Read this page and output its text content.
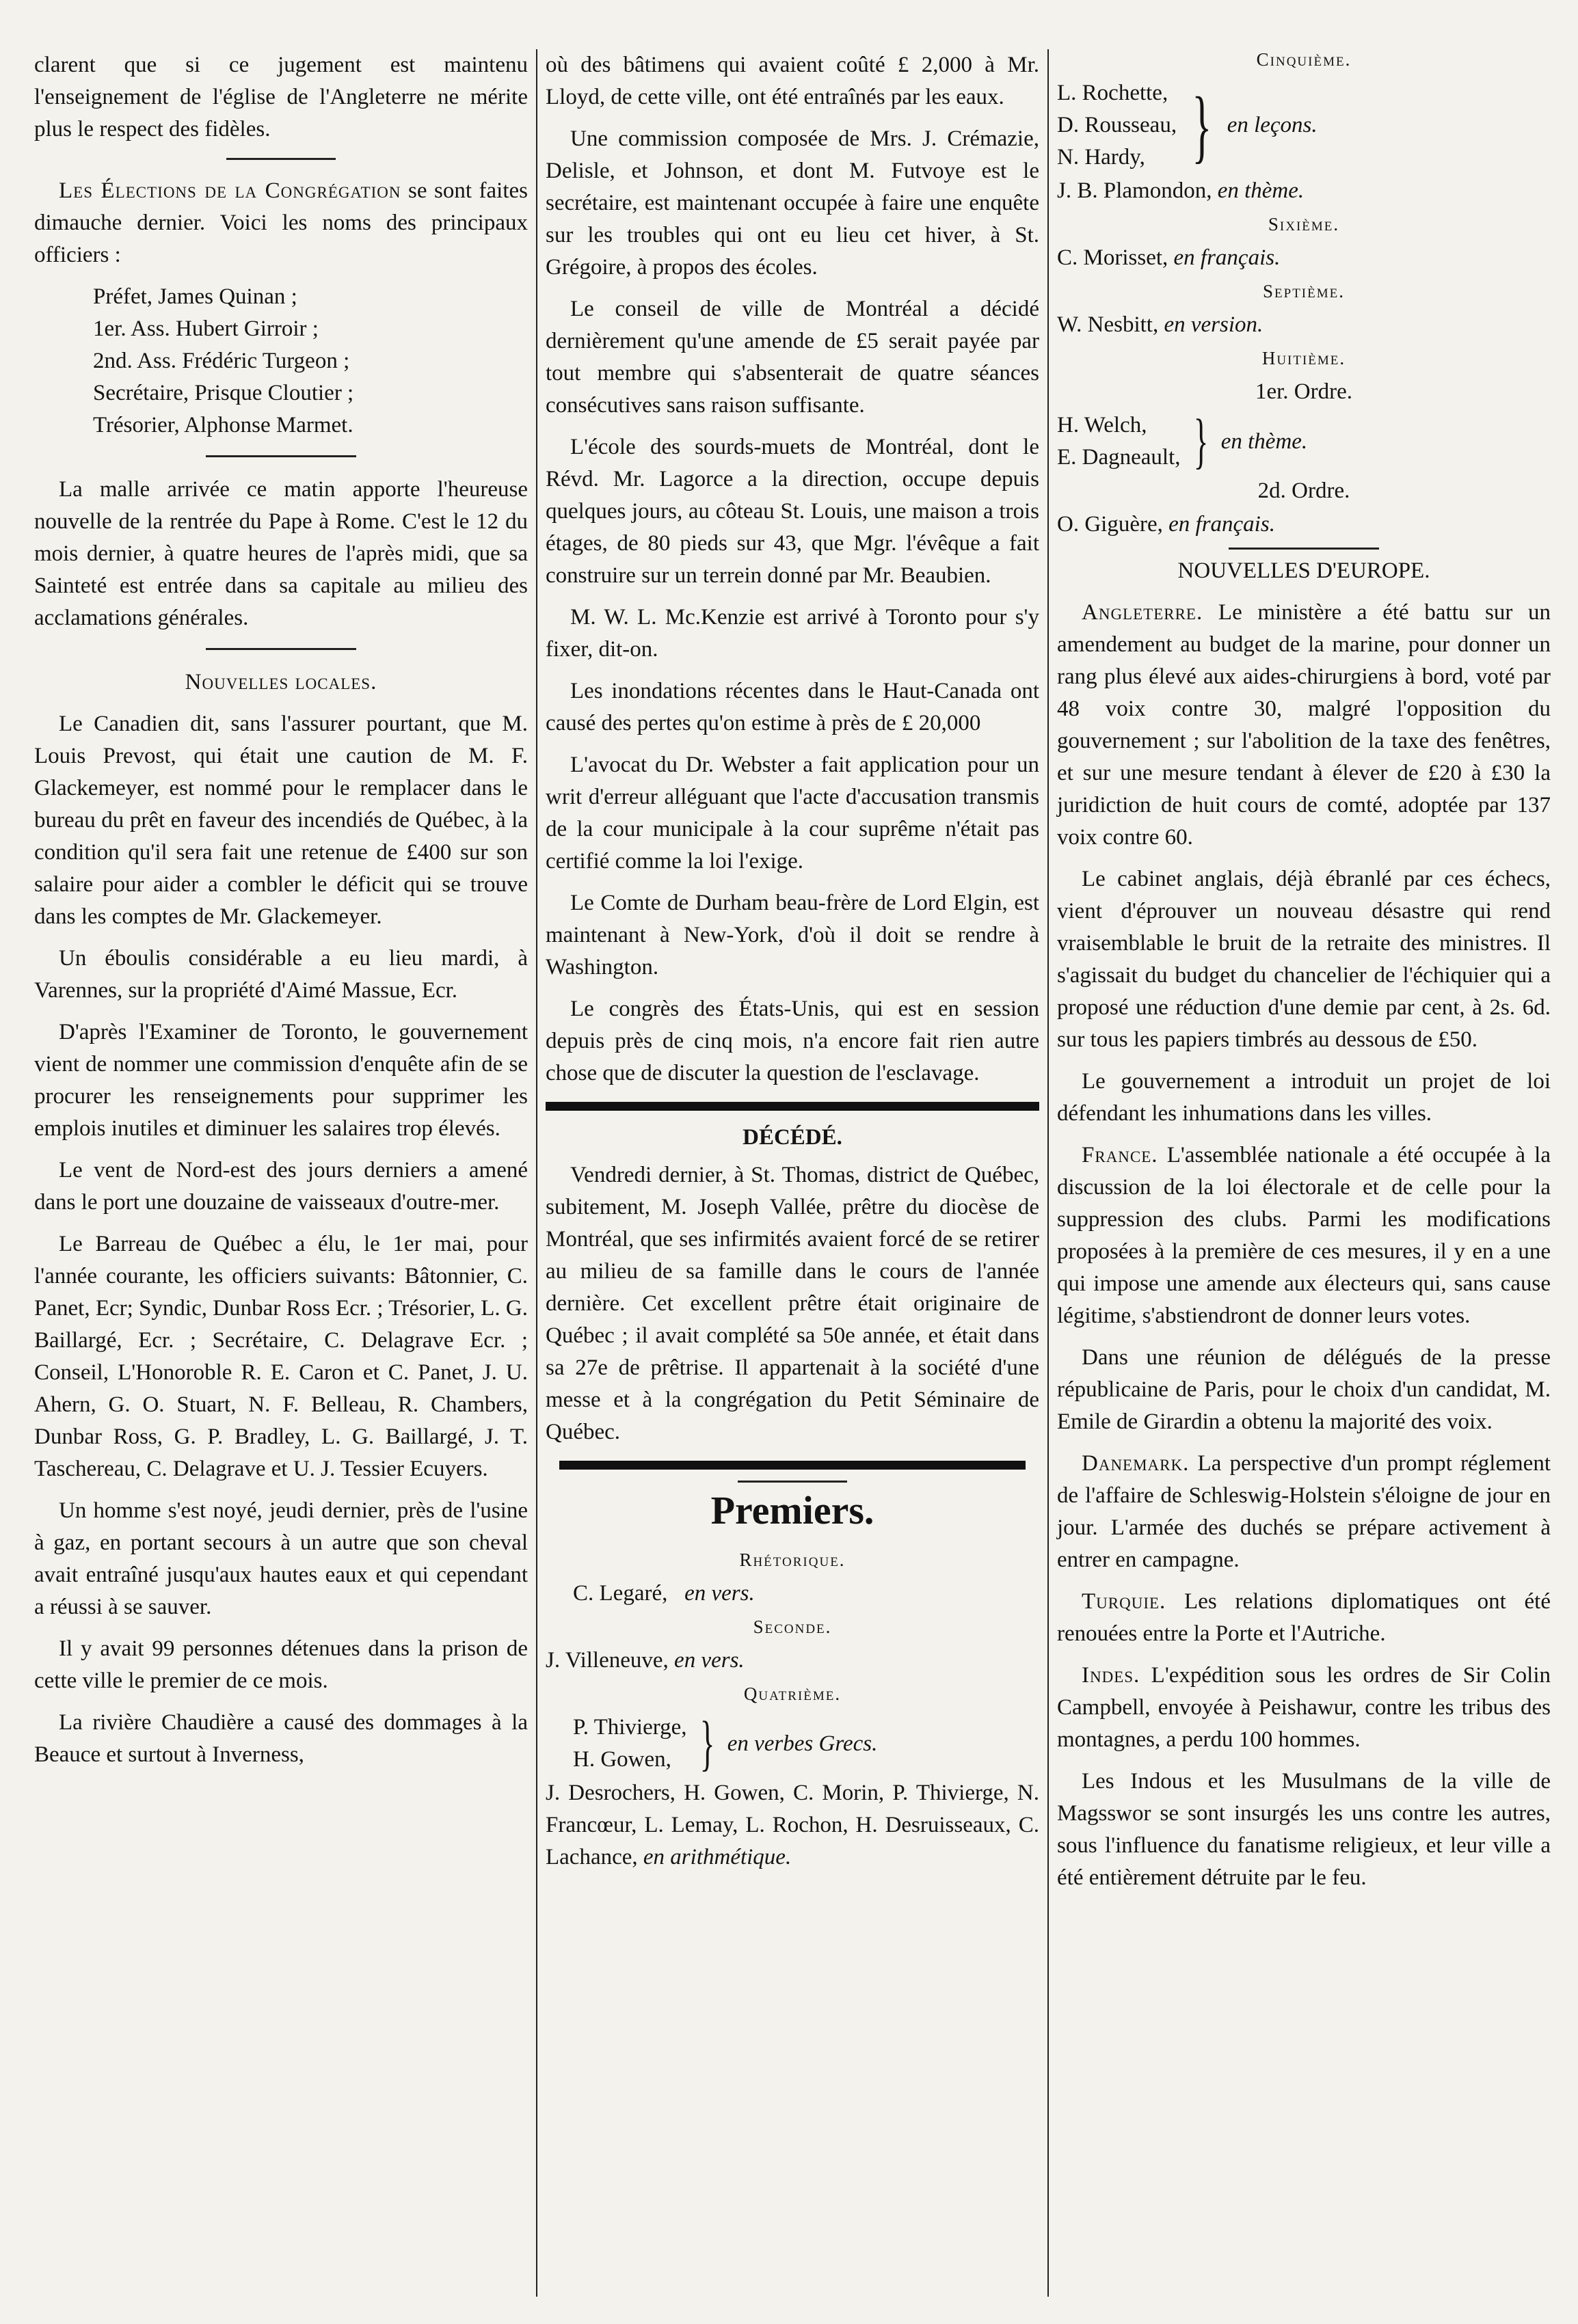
clarent que si ce jugement est maintenu l'enseignement de l'église de l'Angleterre ne mérite plus le respect des fidèles.

Les Élections de la Congrégation se sont faites dimauche dernier. Voici les noms des principaux officiers :

Préfet, James Quinan ;

1er. Ass. Hubert Girroir ;

2nd. Ass. Frédéric Turgeon ;

Secrétaire, Prisque Cloutier ;

Trésorier, Alphonse Marmet.

La malle arrivée ce matin apporte l'heureuse nouvelle de la rentrée du Pape à Rome. C'est le 12 du mois dernier, à quatre heures de l'après midi, que sa Sainteté est entrée dans sa capitale au milieu des acclamations générales.

Nouvelles locales.

Le Canadien dit, sans l'assurer pourtant, que M. Louis Prevost, qui était une caution de M. F. Glackemeyer, est nommé pour le remplacer dans le bureau du prêt en faveur des incendiés de Québec, à la condition qu'il sera fait une retenue de £400 sur son salaire pour aider a combler le déficit qui se trouve dans les comptes de Mr. Glackemeyer.

Un éboulis considérable a eu lieu mardi, à Varennes, sur la propriété d'Aimé Massue, Ecr.

D'après l'Examiner de Toronto, le gouvernement vient de nommer une commission d'enquête afin de se procurer les renseignements pour supprimer les emplois inutiles et diminuer les salaires trop élevés.

Le vent de Nord-est des jours derniers a amené dans le port une douzaine de vaisseaux d'outre-mer.

Le Barreau de Québec a élu, le 1er mai, pour l'année courante, les officiers suivants: Bâtonnier, C. Panet, Ecr; Syndic, Dunbar Ross Ecr. ; Trésorier, L. G. Baillargé, Ecr. ; Secrétaire, C. Delagrave Ecr. ; Conseil, L'Honoroble R. E. Caron et C. Panet, J. U. Ahern, G. O. Stuart, N. F. Belleau, R. Chambers, Dunbar Ross, G. P. Bradley, L. G. Baillargé, J. T. Taschereau, C. Delagrave et U. J. Tessier Ecuyers.

Un homme s'est noyé, jeudi dernier, près de l'usine à gaz, en portant secours à un autre que son cheval avait entraîné jusqu'aux hautes eaux et qui cependant a réussi à se sauver.

Il y avait 99 personnes détenues dans la prison de cette ville le premier de ce mois.

La rivière Chaudière a causé des dommages à la Beauce et surtout à Inverness,

où des bâtimens qui avaient coûté £ 2,000 à Mr. Lloyd, de cette ville, ont été entraînés par les eaux.

Une commission composée de Mrs. J. Crémazie, Delisle, et Johnson, et dont M. Futvoye est le secrétaire, est maintenant occupée à faire une enquête sur les troubles qui ont eu lieu cet hiver, à St. Grégoire, à propos des écoles.

Le conseil de ville de Montréal a décidé dernièrement qu'une amende de £5 serait payée par tout membre qui s'absenterait de quatre séances consécutives sans raison suffisante.

L'école des sourds-muets de Montréal, dont le Révd. Mr. Lagorce a la direction, occupe depuis quelques jours, au côteau St. Louis, une maison a trois étages, de 80 pieds sur 43, que Mgr. l'évêque a fait construire sur un terrein donné par Mr. Beaubien.

M. W. L. Mc.Kenzie est arrivé à Toronto pour s'y fixer, dit-on.

Les inondations récentes dans le Haut-Canada ont causé des pertes qu'on estime à près de £ 20,000

L'avocat du Dr. Webster a fait application pour un writ d'erreur alléguant que l'acte d'accusation transmis de la cour municipale à la cour suprême n'était pas certifié comme la loi l'exige.

Le Comte de Durham beau-frère de Lord Elgin, est maintenant à New-York, d'où il doit se rendre à Washington.

Le congrès des États-Unis, qui est en session depuis près de cinq mois, n'a encore fait rien autre chose que de discuter la question de l'esclavage.

DÉCÉDÉ.

Vendredi dernier, à St. Thomas, district de Québec, subitement, M. Joseph Vallée, prêtre du diocèse de Montréal, que ses infirmités avaient forcé de se retirer au milieu de sa famille dans le cours de l'année dernière. Cet excellent prêtre était originaire de Québec ; il avait complété sa 50e année, et était dans sa 27e de prêtrise. Il appartenait à la société d'une messe et à la congrégation du Petit Séminaire de Québec.

Premiers.

Rhétorique.

C. Legaré, en vers.

Seconde.

J. Villeneuve, en vers.

Quatrième.

P. Thivierge,
H. Gowen, } en verbes Grecs.

J. Desrochers, H. Gowen, C. Morin, P. Thivierge, N. Francœur, L. Lemay, L. Rochon, H. Desruisseaux, C. Lachance, en arithmétique.

Cinquième.

L. Rochette,
D. Rousseau,
N. Hardy, } en leçons.

J. B. Plamondon, en thème.

Sixième.

C. Morisset, en français.

Septième.

W. Nesbitt, en version.

Huitième.

1er. Ordre.

H. Welch,
E. Dagneault, } en thème.

2d. Ordre.

O. Giguère, en français.

NOUVELLES D'EUROPE.

Angleterre. Le ministère a été battu sur un amendement au budget de la marine, pour donner un rang plus élevé aux aides-chirurgiens à bord, voté par 48 voix contre 30, malgré l'opposition du gouvernement ; sur l'abolition de la taxe des fenêtres, et sur une mesure tendant à élever de £20 à £30 la juridiction de huit cours de comté, adoptée par 137 voix contre 60.

Le cabinet anglais, déjà ébranlé par ces échecs, vient d'éprouver un nouveau désastre qui rend vraisemblable le bruit de la retraite des ministres. Il s'agissait du budget du chancelier de l'échiquier qui a proposé une réduction d'une demie par cent, à 2s. 6d. sur tous les papiers timbrés au dessous de £50.

Le gouvernement a introduit un projet de loi défendant les inhumations dans les villes.

France. L'assemblée nationale a été occupée à la discussion de la loi électorale et de celle pour la suppression des clubs. Parmi les modifications proposées à la première de ces mesures, il y en a une qui impose une amende aux électeurs qui, sans cause légitime, s'abstiendront de donner leurs votes.

Dans une réunion de délégués de la presse républicaine de Paris, pour le choix d'un candidat, M. Emile de Girardin a obtenu la majorité des voix.

Danemark. La perspective d'un prompt réglement de l'affaire de Schleswig-Holstein s'éloigne de jour en jour. L'armée des duchés se prépare activement à entrer en campagne.

Turquie. Les relations diplomatiques ont été renouées entre la Porte et l'Autriche.

Indes. L'expédition sous les ordres de Sir Colin Campbell, envoyée à Peishawur, contre les tribus des montagnes, a perdu 100 hommes.

Les Indous et les Musulmans de la ville de Magsswor se sont insurgés les uns contre les autres, sous l'influence du fanatisme religieux, et leur ville a été entièrement détruite par le feu.
